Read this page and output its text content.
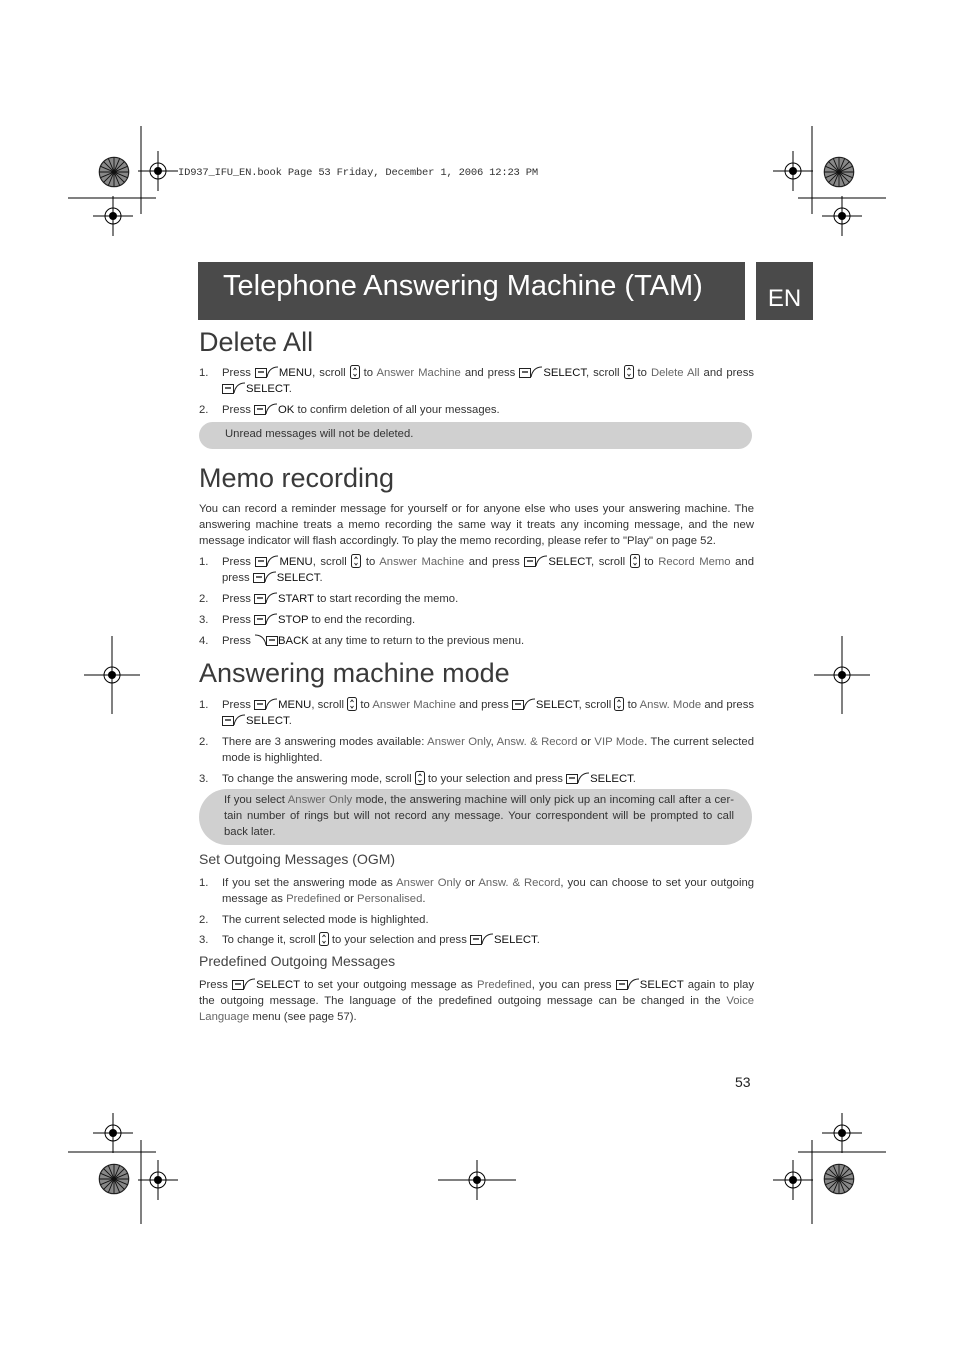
ID937_IFU_EN.book Page 53 Friday, December 1, 2006 12:23 PM
Telephone Answering Machine (TAM)	EN
Delete All
1.	Press MENU, scroll  to Answer Machine and press SELECT, scroll  to Delete All and press SELECT.
2.	Press OK to confirm deletion of all your messages.
Unread messages will not be deleted.
Memo recording
You can record a reminder message for yourself or for anyone else who uses your answering machine. The answering machine treats a memo recording the same way it treats any incoming message, and the new message indicator will flash accordingly. To play the memo recording, please refer to "Play" on page 52.
1.	Press MENU, scroll  to Answer Machine and press SELECT, scroll  to Record Memo and press SELECT.
2.	Press START to start recording the memo.
3.	Press STOP to end the recording.
4.	Press BACK at any time to return to the previous menu.
Answering machine mode
1.	Press MENU, scroll  to Answer Machine and press SELECT, scroll  to Answ. Mode and press SELECT.
2.	There are 3 answering modes available: Answer Only, Answ. & Record or VIP Mode. The current selected mode is highlighted.
3.	To change the answering mode, scroll  to your selection and press SELECT.
If you select Answer Only mode, the answering machine will only pick up an incoming call after a cer-tain number of rings but will not record any message. Your correspondent will be prompted to call back later.
Set Outgoing Messages (OGM)
1.	If you set the answering mode as Answer Only or Answ. & Record, you can choose to set your outgoing message as Predefined or Personalised.
2.	The current selected mode is highlighted.
3.	To change it, scroll  to your selection and press SELECT.
Predefined Outgoing Messages
Press SELECT to set your outgoing message as Predefined, you can press SELECT again to play the outgoing message. The language of the predefined outgoing message can be changed in the Voice Language menu (see page 57).
53
